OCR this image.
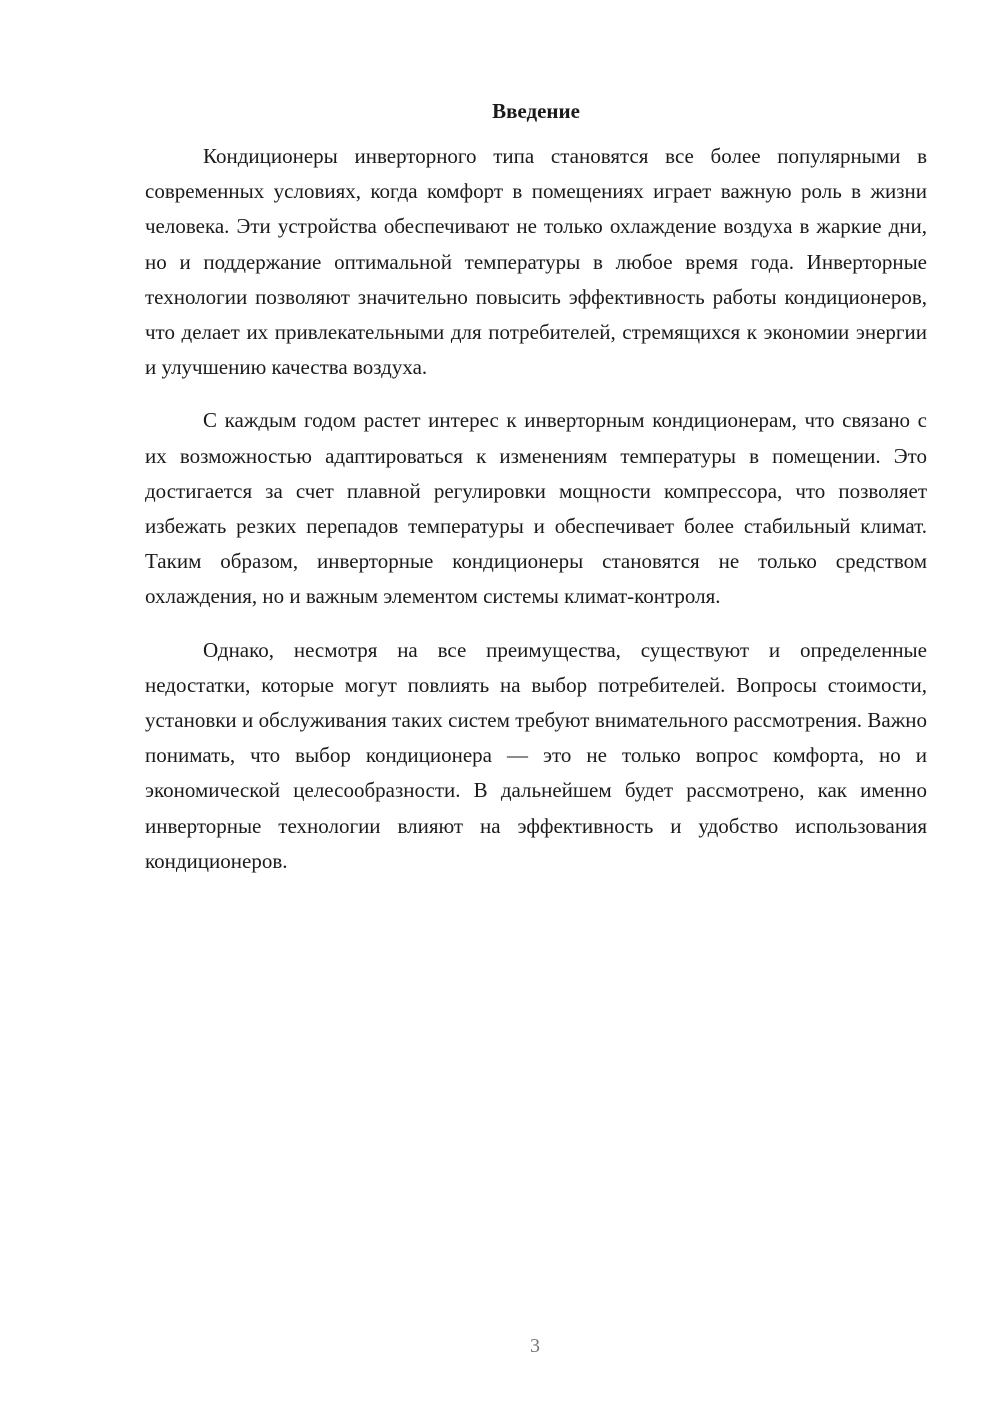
Введение

Кондиционеры инверторного типа становятся все более популярными в современных условиях, когда комфорт в помещениях играет важную роль в жизни человека. Эти устройства обеспечивают не только охлаждение воздуха в жаркие дни, но и поддержание оптимальной температуры в любое время года. Инверторные технологии позволяют значительно повысить эффективность работы кондиционеров, что делает их привлекательными для потребителей, стремящихся к экономии энергии и улучшению качества воздуха.

С каждым годом растет интерес к инверторным кондиционерам, что связано с их возможностью адаптироваться к изменениям температуры в помещении. Это достигается за счет плавной регулировки мощности компрессора, что позволяет избежать резких перепадов температуры и обеспечивает более стабильный климат. Таким образом, инверторные кондиционеры становятся не только средством охлаждения, но и важным элементом системы климат-контроля.

Однако, несмотря на все преимущества, существуют и определенные недостатки, которые могут повлиять на выбор потребителей. Вопросы стоимости, установки и обслуживания таких систем требуют внимательного рассмотрения. Важно понимать, что выбор кондиционера — это не только вопрос комфорта, но и экономической целесообразности. В дальнейшем будет рассмотрено, как именно инверторные технологии влияют на эффективность и удобство использования кондиционеров.

3
